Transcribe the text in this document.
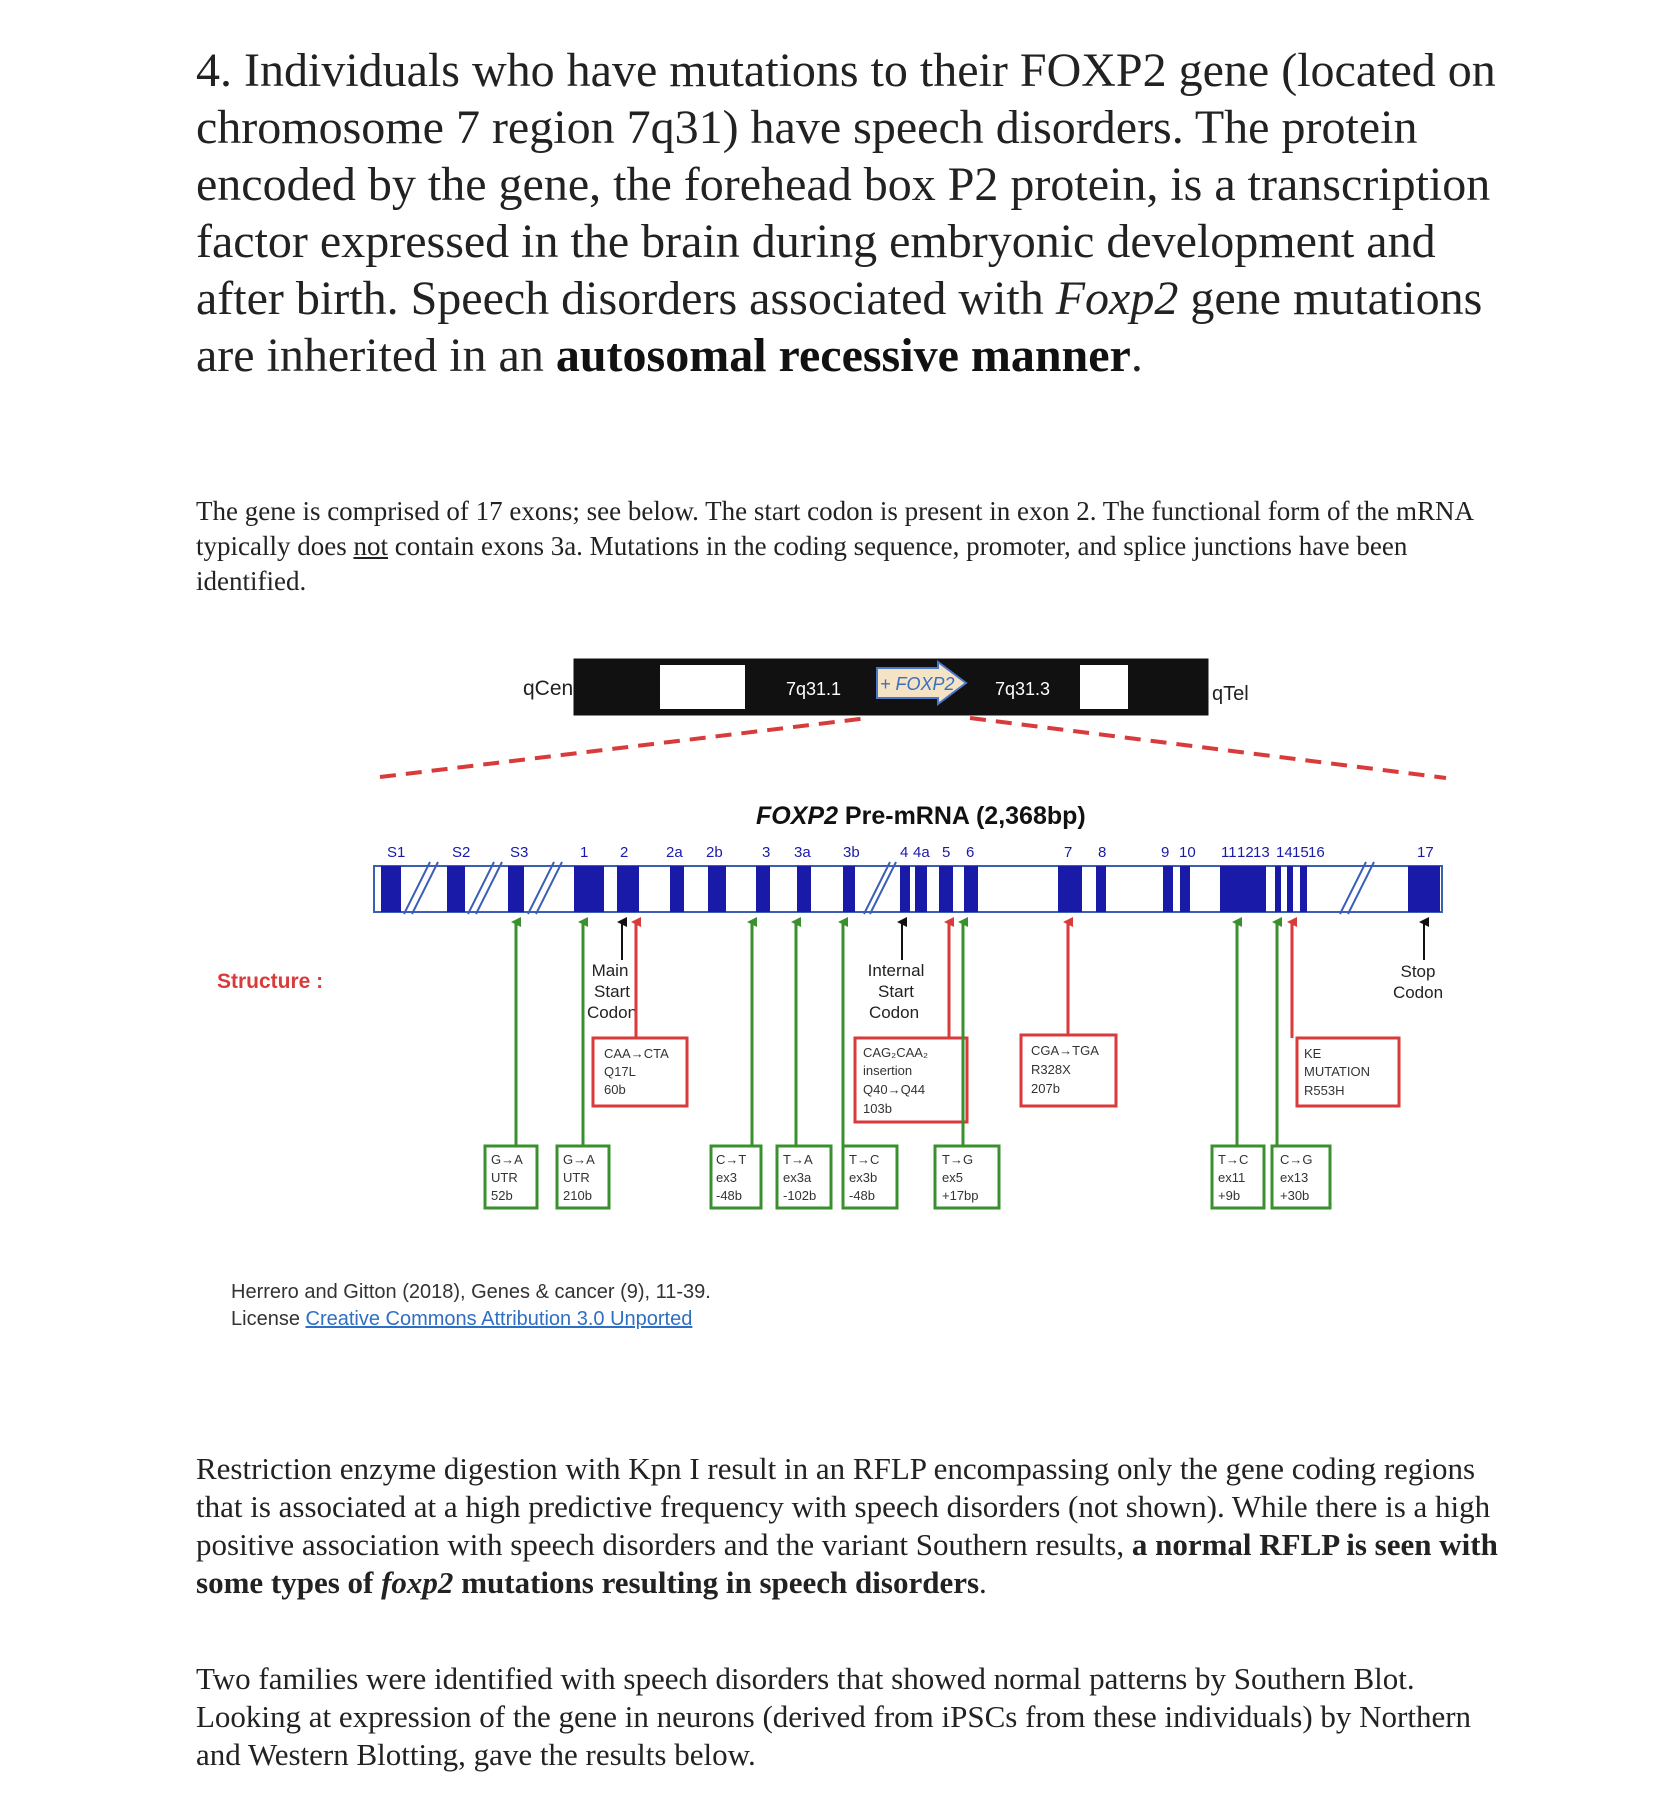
4. Individuals who have mutations to their FOXP2 gene (located on chromosome 7 region 7q31) have speech disorders. The protein encoded by the gene, the forehead box P2 protein, is a transcription factor expressed in the brain during embryonic development and after birth. Speech disorders associated with Foxp2 gene mutations are inherited in an autosomal recessive manner.

The gene is comprised of 17 exons; see below. The start codon is present in exon 2. The functional form of the mRNA typically does not contain exons 3a. Mutations in the coding sequence, promoter, and splice junctions have been identified.

qCen	7q31.1 + FOXP2 7q31.3	qTel
FOXP2 Pre-mRNA (2,368bp)
S1	S2	S3	1 2	2a 2b	3 3a 3b	4 4a 5 6	7 8	9 10 11 12 13 14 15 16	17
Structure :	Main
Start
Codon
Internal
Start
Codon
Stop
Codon
CAA→CTA
Q17L
60b
CAG₂CAA₂
insertion
Q40→Q44
103b
CGA→TGA
R328X
207b
KE
MUTATION
R553H
G→A
UTR
52b
G→A
UTR
210b
C→T
ex3
-48b
T→A
ex3a
-102b
T→C
ex3b
-48b
T→G
ex5
+17bp
T→C
ex11
+9b
C→G
ex13
+30b
Herrero and Gitton (2018), Genes & cancer (9), 11-39.
License Creative Commons Attribution 3.0 Unported

Restriction enzyme digestion with Kpn I result in an RFLP encompassing only the gene coding regions that is associated at a high predictive frequency with speech disorders (not shown). While there is a high positive association with speech disorders and the variant Southern results, a normal RFLP is seen with some types of foxp2 mutations resulting in speech disorders.

Two families were identified with speech disorders that showed normal patterns by Southern Blot. Looking at expression of the gene in neurons (derived from iPSCs from these individuals) by Northern and Western Blotting, gave the results below.
